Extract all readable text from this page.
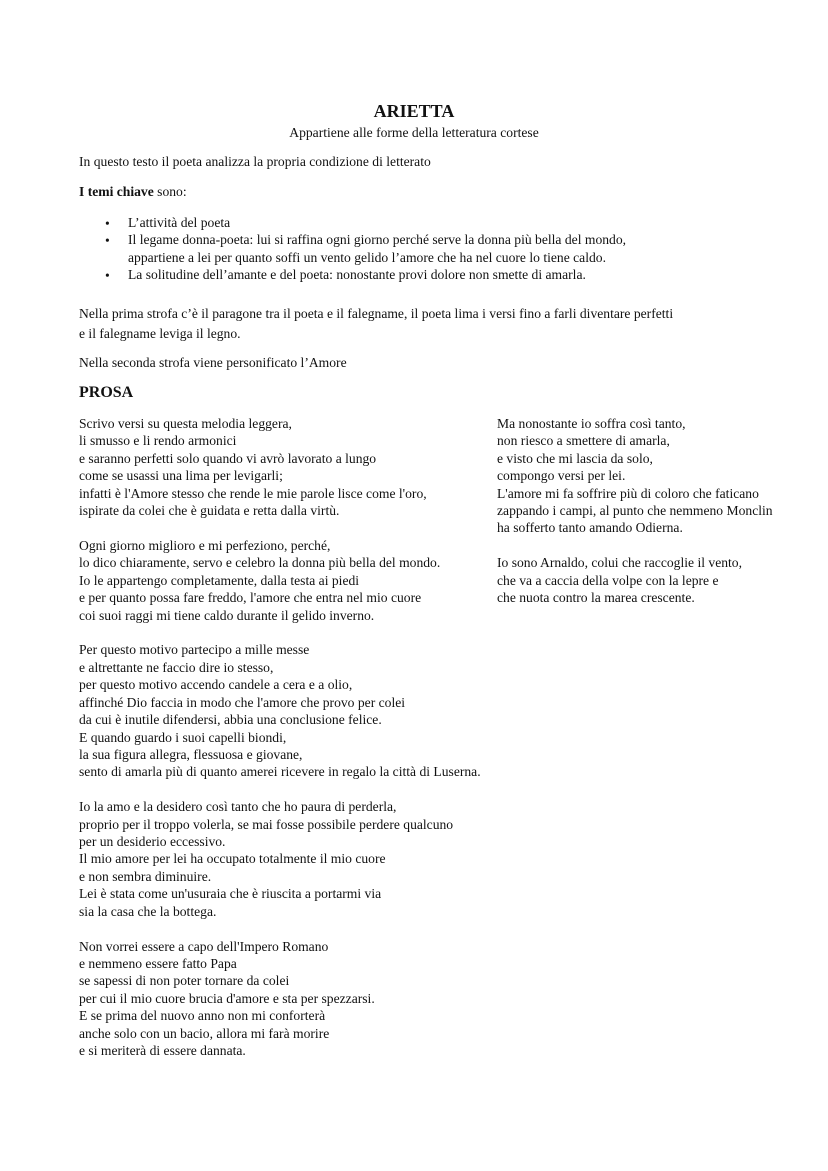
ARIETTA
Appartiene alle forme della letteratura cortese
In questo testo il poeta analizza la propria condizione di letterato
I temi chiave sono:
• L’attività del poeta
• Il legame donna-poeta: lui si raffina ogni giorno perché serve la donna più bella del mondo,
appartiene a lei per quanto soffi un vento gelido l’amore che ha nel cuore lo tiene caldo.
• La solitudine dell’amante e del poeta: nonostante provi dolore non smette di amarla.
Nella prima strofa c’è il paragone tra il poeta e il falegname, il poeta lima i versi fino a farli diventare perfetti
e il falegname leviga il legno.
Nella seconda strofa viene personificato l’Amore
PROSA
Scrivo versi su questa melodia leggera,
li smusso e li rendo armonici
e saranno perfetti solo quando vi avrò lavorato a lungo
come se usassi una lima per levigarli;
infatti è l'Amore stesso che rende le mie parole lisce come l'oro,
ispirate da colei che è guidata e retta dalla virtù.
Ogni giorno miglioro e mi perfeziono, perché,
lo dico chiaramente, servo e celebro la donna più bella del mondo.
Io le appartengo completamente, dalla testa ai piedi
e per quanto possa fare freddo, l'amore che entra nel mio cuore
coi suoi raggi mi tiene caldo durante il gelido inverno.
Per questo motivo partecipo a mille messe
e altrettante ne faccio dire io stesso,
per questo motivo accendo candele a cera e a olio,
affinché Dio faccia in modo che l'amore che provo per colei
da cui è inutile difendersi, abbia una conclusione felice.
E quando guardo i suoi capelli biondi,
la sua figura allegra, flessuosa e giovane,
sento di amarla più di quanto amerei ricevere in regalo la città di Luserna.
Io la amo e la desidero così tanto che ho paura di perderla,
proprio per il troppo volerla, se mai fosse possibile perdere qualcuno
per un desiderio eccessivo.
Il mio amore per lei ha occupato totalmente il mio cuore
e non sembra diminuire.
Lei è stata come un'usuraia che è riuscita a portarmi via
sia la casa che la bottega.
Non vorrei essere a capo dell'Impero Romano
e nemmeno essere fatto Papa
se sapessi di non poter tornare da colei
per cui il mio cuore brucia d'amore e sta per spezzarsi.
E se prima del nuovo anno non mi conforterà
anche solo con un bacio, allora mi farà morire
e si meriterà di essere dannata.
Ma nonostante io soffra così tanto,
non riesco a smettere di amarla,
e visto che mi lascia da solo,
compongo versi per lei.
L'amore mi fa soffrire più di coloro che faticano
zappando i campi, al punto che nemmeno Monclin
ha sofferto tanto amando Odierna.
Io sono Arnaldo, colui che raccoglie il vento,
che va a caccia della volpe con la lepre e
che nuota contro la marea crescente.
